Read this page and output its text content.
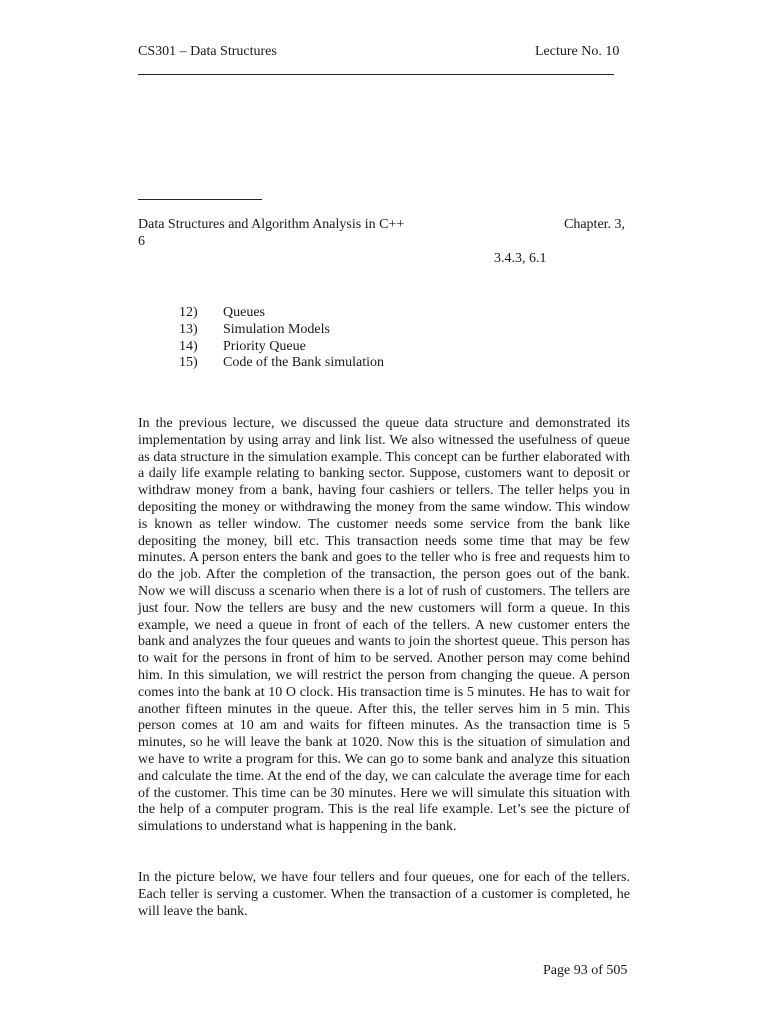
CS301 – Data Structures	Lecture No. 10
Data Structures and Algorithm Analysis in C++	Chapter. 3,
6
3.4.3, 6.1
12)	Queues
13)	Simulation Models
14)	Priority Queue
15)	Code of the Bank simulation

In the previous lecture, we discussed the queue data structure and demonstrated its implementation by using array and link list. We also witnessed the usefulness of queue as data structure in the simulation example. This concept can be further elaborated with a daily life example relating to banking sector. Suppose, customers want to deposit or withdraw money from a bank, having four cashiers or tellers. The teller helps you in depositing the money or withdrawing the money from the same window. This window is known as teller window. The customer needs some service from the bank like depositing the money, bill etc. This transaction needs some time that may be few minutes. A person enters the bank and goes to the teller who is free and requests him to do the job. After the completion of the transaction, the person goes out of the bank. Now we will discuss a scenario when there is a lot of rush of customers. The tellers are just four. Now the tellers are busy and the new customers will form a queue. In this example, we need a queue in front of each of the tellers. A new customer enters the bank and analyzes the four queues and wants to join the shortest queue. This person has to wait for the persons in front of him to be served. Another person may come behind him. In this simulation, we will restrict the person from changing the queue. A person comes into the bank at 10 O clock. His transaction time is 5 minutes. He has to wait for another fifteen minutes in the queue. After this, the teller serves him in 5 min. This person comes at 10 am and waits for fifteen minutes. As the transaction time is 5 minutes, so he will leave the bank at 1020. Now this is the situation of simulation and we have to write a program for this. We can go to some bank and analyze this situation and calculate the time. At the end of the day, we can calculate the average time for each of the customer. This time can be 30 minutes. Here we will simulate this situation with the help of a computer program. This is the real life example. Let’s see the picture of simulations to understand what is happening in the bank.

In the picture below, we have four tellers and four queues, one for each of the tellers. Each teller is serving a customer. When the transaction of a customer is completed, he will leave the bank.

Page 93 of 505
